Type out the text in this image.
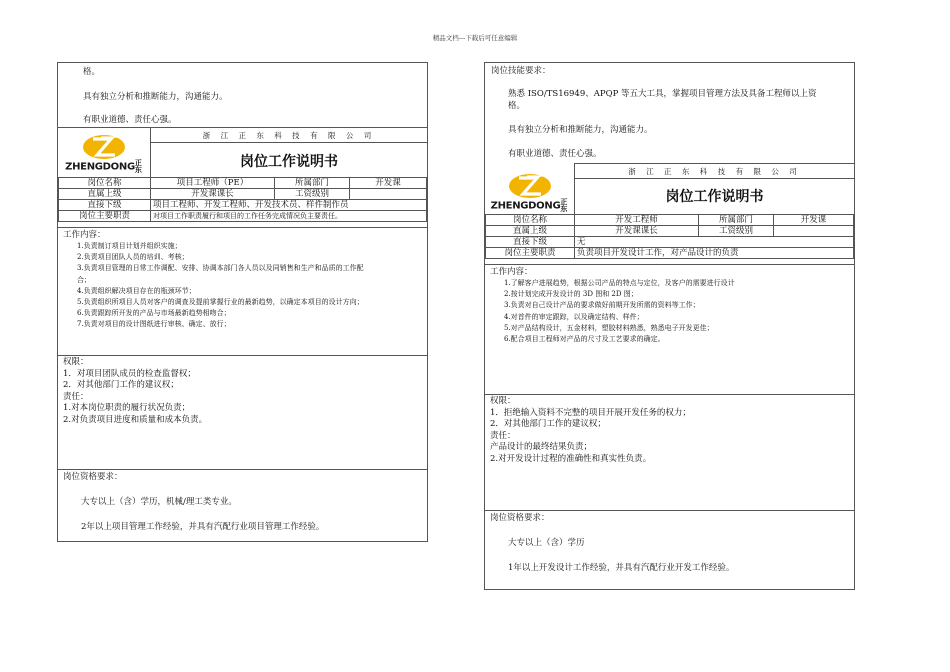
精品文档---下载后可任意编辑
格。
具有独立分析和推断能力，沟通能力。
有职业道德、责任心强。
ZHENGDONG正东
浙 江 正 东 科 技 有 限 公 司
岗位工作说明书
岗位名称	项目工程师（PE）	所属部门	开发课
直属上级	开发课课长	工资级别	
直接下级	项目工程师、开发工程师、开发技术员、样件制作员		
岗位主要职责	对项目工作职责履行和项目的工作任务完成情况负主要责任。		
工作内容：
1.负责制订项目计划并组织实施；
2.负责项目团队人员的培训、考核；
3.负责项目管理的日常工作调配、安排、协调本部门各人员以及同销售和生产和品质的工作配
合；
4.负责组织解决项目存在的瓶颈环节；
5.负责组织所项目人员对客户的调查及提前掌握行业的最新趋势，以确定本项目的设计方向；
6.负责跟踪所开发的产品与市场最新趋势相吻合；
7.负责对项目的设计图纸进行审核、确定、放行；
权限：
1．对项目团队成员的检查监督权；
2．对其他部门工作的建议权；
责任：
1.对本岗位职责的履行状况负责；
2.对负责项目进度和质量和成本负责。
岗位资格要求：
大专以上（含）学历，机械/理工类专业。
2年以上项目管理工作经验，并具有汽配行业项目管理工作经验。
岗位技能要求：
熟悉 ISO/TS16949、APQP 等五大工具，掌握项目管理方法及具备工程师以上资
格。
具有独立分析和推断能力，沟通能力。
有职业道德、责任心强。
浙 江 正 东 科 技 有 限 公 司
岗位工作说明书
ZHENGDONG正东
岗位名称	开发工程师	所属部门	开发课
直属上级	开发课课长	工资级别	
直接下级	无		
岗位主要职责	负责项目开发设计工作，对产品设计的负责		
工作内容：
1.了解客户进展趋势，根据公司产品的特点与定位，及客户的需要进行设计
2.按计划完成开发设计的 3D 图和 2D 图；
3.负责对自己设计产品的要求做好前期开发所需的资料等工作；
4.对首件的审定跟踪，以及确定结构、样件；
5.对产品结构设计，五金材料，塑胶材料熟悉，熟悉电子开发更佳；
6.配合项目工程师对产品的尺寸及工艺要求的确定。
权限：
1．拒绝输入资料不完整的项目开展开发任务的权力；
2．对其他部门工作的建议权；
责任：
产品设计的最终结果负责；
2.对开发设计过程的准确性和真实性负责。
岗位资格要求：
大专以上（含）学历
1年以上开发设计工作经验，并具有汽配行业开发工作经验。
